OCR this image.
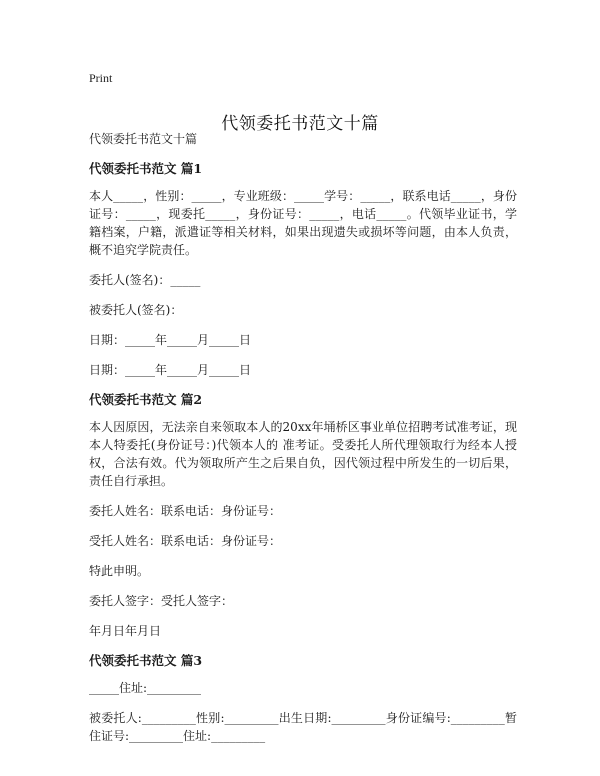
Print
代领委托书范文十篇

代领委托书范文十篇

代领委托书范文 篇1

本人_____，性别：_____，专业班级：_____学号：_____，联系电话_____，身份证号：_____，现委托_____，身份证号：_____，电话_____。代领毕业证书，学籍档案，户籍，派遣证等相关材料，如果出现遗失或损坏等问题，由本人负责，概不追究学院责任。

委托人(签名)：_____

被委托人(签名)：

日期：_____年_____月_____日

日期：_____年_____月_____日

代领委托书范文 篇2

本人因原因，无法亲自来领取本人的20xx年埇桥区事业单位招聘考试准考证，现本人特委托(身份证号：)代领本人的 准考证。受委托人所代理领取行为经本人授权，合法有效。代为领取所产生之后果自负，因代领过程中所发生的一切后果，责任自行承担。

委托人姓名：联系电话：身份证号：

受托人姓名：联系电话：身份证号：

特此申明。

委托人签字：受托人签字：

年月日年月日

代领委托书范文 篇3

_____住址:_________

被委托人:_________性别:_________出生日期:_________身份证编号:_________暂住证号:_________住址:_________
